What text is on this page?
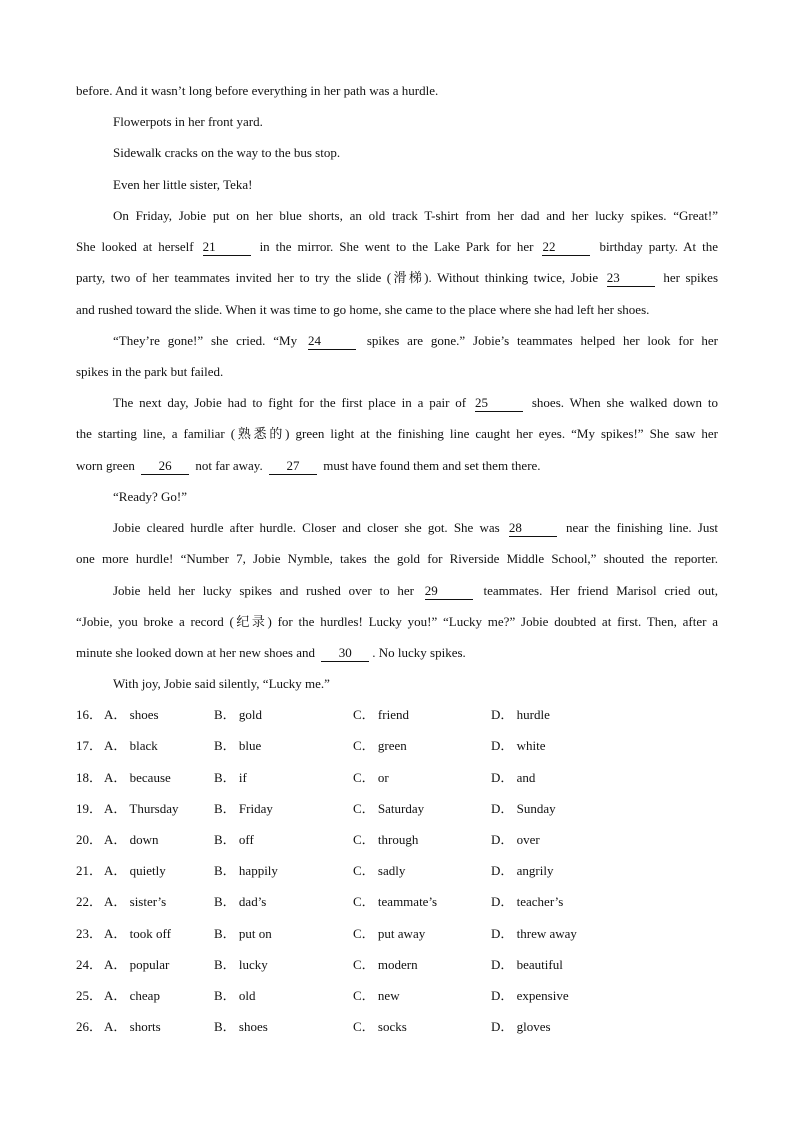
before. And it wasn’t long before everything in her path was a hurdle.
Flowerpots in her front yard.
Sidewalk cracks on the way to the bus stop.
Even her little sister, Teka!
On Friday, Jobie put on her blue shorts, an old track T-shirt from her dad and her lucky spikes. “Great!”
She looked at herself 21	in the mirror. She went to the Lake Park for her 22	birthday party. At the
party, two of her teammates invited her to try the slide (滑梯). Without thinking twice, Jobie 23	her spikes
and rushed toward the slide. When it was time to go home, she came to the place where she had left her shoes.
“They’re gone!” she cried. “My 24	spikes are gone.” Jobie’s teammates helped her look for her
spikes in the park but failed.
The next day, Jobie had to fight for the first place in a pair of 25	shoes. When she walked down to
the starting line, a familiar (熟悉的) green light at the finishing line caught her eyes. “My spikes!” She saw her
worn green 26 not far away. 27 must have found them and set them there.
“Ready? Go!”
Jobie cleared hurdle after hurdle. Closer and closer she got. She was 28	near the finishing line. Just
one more hurdle! “Number 7, Jobie Nymble, takes the gold for Riverside Middle School,” shouted the reporter.
Jobie held her lucky spikes and rushed over to her 29	teammates. Her friend Marisol cried out,
“Jobie, you broke a record (纪录) for the hurdles! Lucky you!” “Lucky me?” Jobie doubted at first. Then, after a
minute she looked down at her new shoes and 30 . No lucky spikes.
With joy, Jobie said silently, “Lucky me.”
16． A． shoes	B． gold	C． friend	D． hurdle
17． A． black	B． blue	C． green	D． white
18． A． because	B． if	C． or	D． and
19． A． Thursday	B． Friday	C． Saturday	D． Sunday
20． A． down	B． off	C． through	D． over
21． A． quietly	B． happily	C． sadly	D． angrily
22． A． sister’s	B． dad’s	C． teammate’s	D． teacher’s
23． A． took off	B． put on	C． put away	D． threw away
24． A． popular	B． lucky	C． modern	D． beautiful
25． A． cheap	B． old	C． new	D． expensive
26． A． shorts	B． shoes	C． socks	D． gloves
